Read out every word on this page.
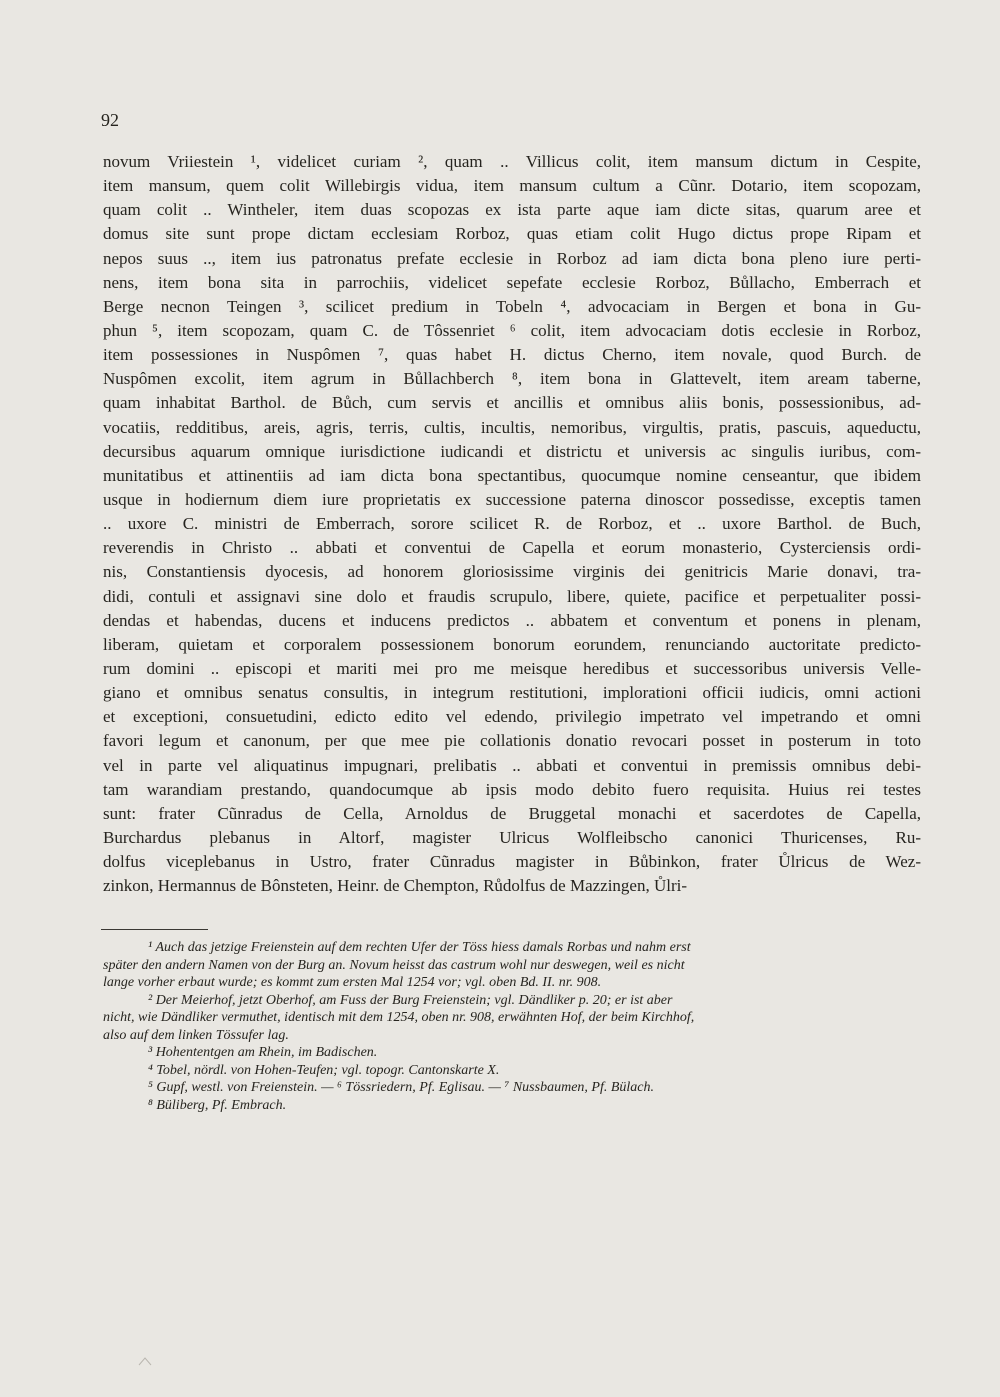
92
novum Vriiestein ¹, videlicet curiam ², quam .. Villicus colit, item mansum dictum in Cespite,
item mansum, quem colit Willebirgis vidua, item mansum cultum a Cũnr. Dotario, item scopozam,
quam colit .. Wintheler, item duas scopozas ex ista parte aque iam dicte sitas, quarum aree et
domus site sunt prope dictam ecclesiam Rorboz, quas etiam colit Hugo dictus prope Ripam et
nepos suus .., item ius patronatus prefate ecclesie in Rorboz ad iam dicta bona pleno iure perti-
nens, item bona sita in parrochiis, videlicet sepefate ecclesie Rorboz, Bůllacho, Emberrach et
Berge necnon Teingen ³, scilicet predium in Tobeln ⁴, advocaciam in Bergen et bona in Gu-
phun ⁵, item scopozam, quam C. de Tôssenriet ⁶ colit, item advocaciam dotis ecclesie in Rorboz,
item possessiones in Nuspômen ⁷, quas habet H. dictus Cherno, item novale, quod Burch. de
Nuspômen excolit, item agrum in Bůllachberch ⁸, item bona in Glattevelt, item aream taberne,
quam inhabitat Barthol. de Bůch, cum servis et ancillis et omnibus aliis bonis, possessionibus, ad-
vocatiis, redditibus, areis, agris, terris, cultis, incultis, nemoribus, virgultis, pratis, pascuis, aqueductu,
decursibus aquarum omnique iurisdictione iudicandi et districtu et universis ac singulis iuribus, com-
munitatibus et attinentiis ad iam dicta bona spectantibus, quocumque nomine censeantur, que ibidem
usque in hodiernum diem iure proprietatis ex successione paterna dinoscor possedisse, exceptis tamen
.. uxore C. ministri de Emberrach, sorore scilicet R. de Rorboz, et .. uxore Barthol. de Buch,
reverendis in Christo .. abbati et conventui de Capella et eorum monasterio, Cysterciensis ordi-
nis, Constantiensis dyocesis, ad honorem gloriosissime virginis dei genitricis Marie donavi, tra-
didi, contuli et assignavi sine dolo et fraudis scrupulo, libere, quiete, pacifice et perpetualiter possi-
dendas et habendas, ducens et inducens predictos .. abbatem et conventum et ponens in plenam,
liberam, quietam et corporalem possessionem bonorum eorundem, renunciando auctoritate predicto-
rum domini .. episcopi et mariti mei pro me meisque heredibus et successoribus universis Velle-
giano et omnibus senatus consultis, in integrum restitutioni, implorationi officii iudicis, omni actioni
et exceptioni, consuetudini, edicto edito vel edendo, privilegio impetrato vel impetrando et omni
favori legum et canonum, per que mee pie collationis donatio revocari posset in posterum in toto
vel in parte vel aliquatinus impugnari, prelibatis .. abbati et conventui in premissis omnibus debi-
tam warandiam prestando, quandocumque ab ipsis modo debito fuero requisita. Huius rei testes
sunt: frater Cũnradus de Cella, Arnoldus de Bruggetal monachi et sacerdotes de Capella,
Burchardus plebanus in Altorf, magister Ulricus Wolfleibscho canonici Thuricenses, Ru-
dolfus viceplebanus in Ustro, frater Cũnradus magister in Bůbinkon, frater Ůlricus de Wez-
zinkon, Hermannus de Bônsteten, Heinr. de Chempton, Růdolfus de Mazzingen, Ůlri-
¹ Auch das jetzige Freienstein auf dem rechten Ufer der Töss hiess damals Rorbas und nahm erst
später den andern Namen von der Burg an. Novum heisst das castrum wohl nur deswegen, weil es nicht
lange vorher erbaut wurde; es kommt zum ersten Mal 1254 vor; vgl. oben Bd. II. nr. 908.
² Der Meierhof, jetzt Oberhof, am Fuss der Burg Freienstein; vgl. Dändliker p. 20; er ist aber
nicht, wie Dändliker vermuthet, identisch mit dem 1254, oben nr. 908, erwähnten Hof, der beim Kirchhof,
also auf dem linken Tössufer lag.
³ Hohententgen am Rhein, im Badischen.
⁴ Tobel, nördl. von Hohen-Teufen; vgl. topogr. Cantonskarte X.
⁵ Gupf, westl. von Freienstein. — ⁶ Tössriedern, Pf. Eglisau. — ⁷ Nussbaumen, Pf. Bülach.
⁸ Büliberg, Pf. Embrach.
